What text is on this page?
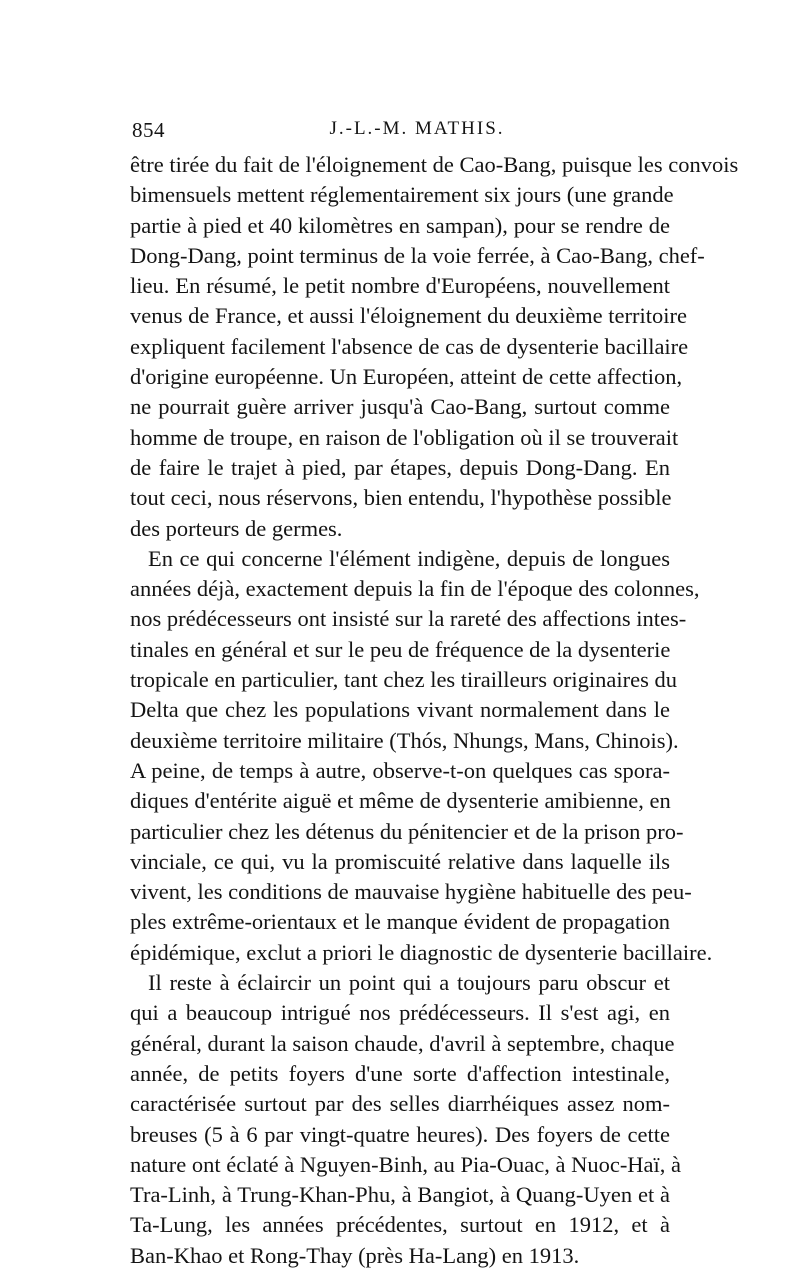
854	J.-L.-M. MATHIS.
être tirée du fait de l'éloignement de Cao-Bang, puisque les convois
bimensuels mettent réglementairement six jours (une grande
partie à pied et 40 kilomètres en sampan), pour se rendre de
Dong-Dang, point terminus de la voie ferrée, à Cao-Bang, chef-
lieu. En résumé, le petit nombre d'Européens, nouvellement
venus de France, et aussi l'éloignement du deuxième territoire
expliquent facilement l'absence de cas de dysenterie bacillaire
d'origine européenne. Un Européen, atteint de cette affection,
ne pourrait guère arriver jusqu'à Cao-Bang, surtout comme
homme de troupe, en raison de l'obligation où il se trouverait
de faire le trajet à pied, par étapes, depuis Dong-Dang. En
tout ceci, nous réservons, bien entendu, l'hypothèse possible
des porteurs de germes.
En ce qui concerne l'élément indigène, depuis de longues
années déjà, exactement depuis la fin de l'époque des colonnes,
nos prédécesseurs ont insisté sur la rareté des affections intes-
tinales en général et sur le peu de fréquence de la dysenterie
tropicale en particulier, tant chez les tirailleurs originaires du
Delta que chez les populations vivant normalement dans le
deuxième territoire militaire (Thós, Nhungs, Mans, Chinois).
A peine, de temps à autre, observe-t-on quelques cas spora-
diques d'entérite aiguë et même de dysenterie amibienne, en
particulier chez les détenus du pénitencier et de la prison pro-
vinciale, ce qui, vu la promiscuité relative dans laquelle ils
vivent, les conditions de mauvaise hygiène habituelle des peu-
ples extrême-orientaux et le manque évident de propagation
épidémique, exclut a priori le diagnostic de dysenterie bacillaire.
Il reste à éclaircir un point qui a toujours paru obscur et
qui a beaucoup intrigué nos prédécesseurs. Il s'est agi, en
général, durant la saison chaude, d'avril à septembre, chaque
année, de petits foyers d'une sorte d'affection intestinale,
caractérisée surtout par des selles diarrhéiques assez nom-
breuses (5 à 6 par vingt-quatre heures). Des foyers de cette
nature ont éclaté à Nguyen-Binh, au Pia-Ouac, à Nuoc-Haï, à
Tra-Linh, à Trung-Khan-Phu, à Bangiot, à Quang-Uyen et à
Ta-Lung, les années précédentes, surtout en 1912, et à
Ban-Khao et Rong-Thay (près Ha-Lang) en 1913.
